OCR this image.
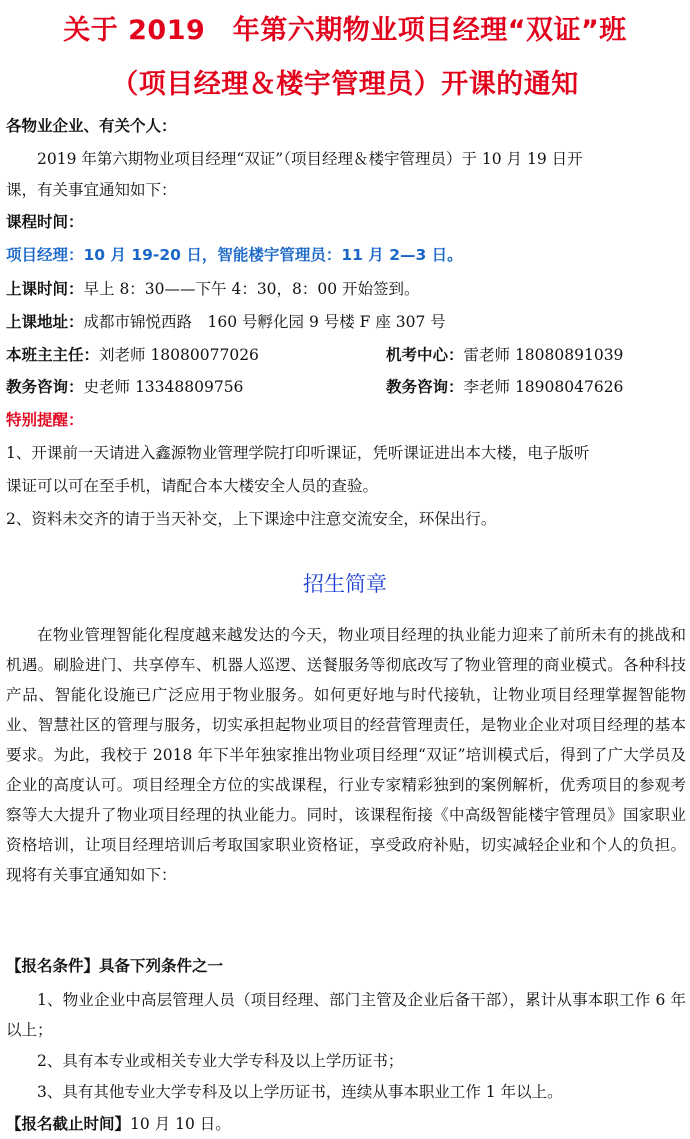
关于 2019　年第六期物业项目经理“双证”班
（项目经理＆楼宇管理员）开课的通知
各物业企业、有关个人：
2019 年第六期物业项目经理“双证”（项目经理＆楼宇管理员）于 10 月 19 日开
课，有关事宜通知如下：
课程时间：
项目经理：10 月 19-20 日，智能楼宇管理员：11 月 2—3 日。
上课时间：早上 8：30——下午 4：30，8：00 开始签到。
上课地址：成都市锦悦西路　160 号孵化园 9 号楼 F 座 307 号
本班主主任：刘老师 18080077026	机考中心：雷老师 18080891039
教务咨询：史老师 13348809756	教务咨询：李老师 18908047626
特别提醒：
1、开课前一天请进入鑫源物业管理学院打印听课证，凭听课证进出本大楼，电子版听
课证可以可在至手机，请配合本大楼安全人员的查验。
2、资料未交齐的请于当天补交，上下课途中注意交流安全，环保出行。
招生简章
在物业管理智能化程度越来越发达的今天，物业项目经理的执业能力迎来了前所未有的挑战和机遇。刷脸进门、共享停车、机器人巡逻、送餐服务等彻底改写了物业管理的商业模式。各种科技产品、智能化设施已广泛应用于物业服务。如何更好地与时代接轨，让物业项目经理掌握智能物业、智慧社区的管理与服务，切实承担起物业项目的经营管理责任，是物业企业对项目经理的基本要求。为此，我校于 2018 年下半年独家推出物业项目经理“双证”培训模式后，得到了广大学员及企业的高度认可。项目经理全方位的实战课程，行业专家精彩独到的案例解析，优秀项目的参观考察等大大提升了物业项目经理的执业能力。同时，该课程衔接《中高级智能楼宇管理员》国家职业资格培训，让项目经理培训后考取国家职业资格证，享受政府补贴，切实减轻企业和个人的负担。现将有关事宜通知如下：
【报名条件】具备下列条件之一
1、物业企业中高层管理人员（项目经理、部门主管及企业后备干部），累计从事本职工作 6 年以上；
2、具有本专业或相关专业大学专科及以上学历证书；
3、具有其他专业大学专科及以上学历证书，连续从事本职业工作 1 年以上。
【报名截止时间】10 月 10 日。
